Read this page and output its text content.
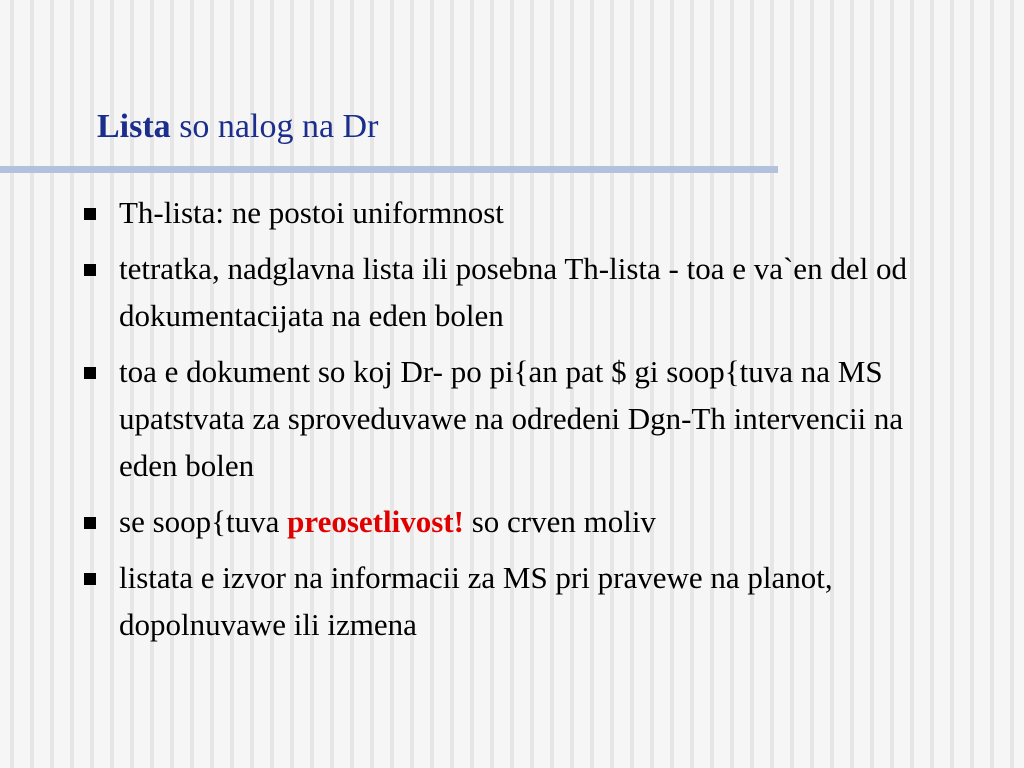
Lista so nalog na Dr
Th-lista: ne postoi uniformnost
tetratka, nadglavna lista ili posebna Th-lista - toa e va`en del od dokumentacijata na eden bolen
toa e dokument so koj Dr- po pi{an pat $ gi soop{tuva na MS upatstvata za sproveduvawe na odredeni Dgn-Th intervencii na eden bolen
se soop{tuva preosetlivost! so crven moliv
listata e izvor na informacii za MS pri pravewe na planot, dopolnuvawe ili izmena
